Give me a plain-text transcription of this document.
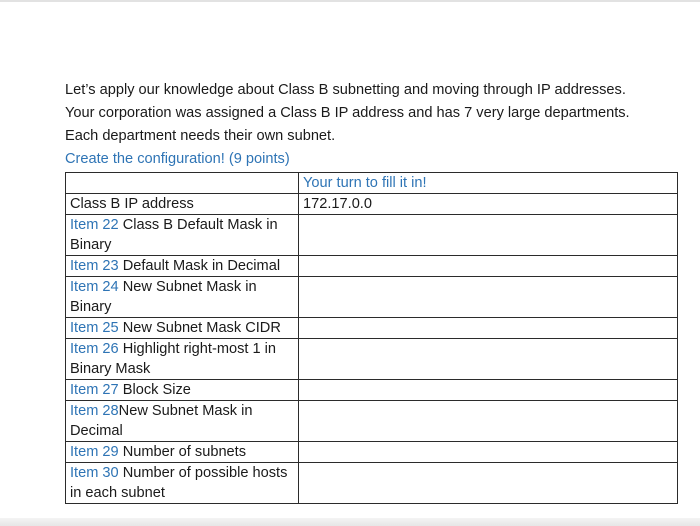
Let’s apply our knowledge about Class B subnetting and moving through IP addresses.

Your corporation was assigned a Class B IP address and has 7 very large departments.

Each department needs their own subnet.

Create the configuration! (9 points)

	Your turn to fill it in!
Class B IP address	172.17.0.0
Item 22 Class B Default Mask in Binary	
Item 23 Default Mask in Decimal	
Item 24 New Subnet Mask in Binary	
Item 25 New Subnet Mask CIDR	
Item 26 Highlight right-most 1 in Binary Mask	
Item 27 Block Size	
Item 28New Subnet Mask in Decimal	
Item 29 Number of subnets	
Item 30 Number of possible hosts in each subnet	
